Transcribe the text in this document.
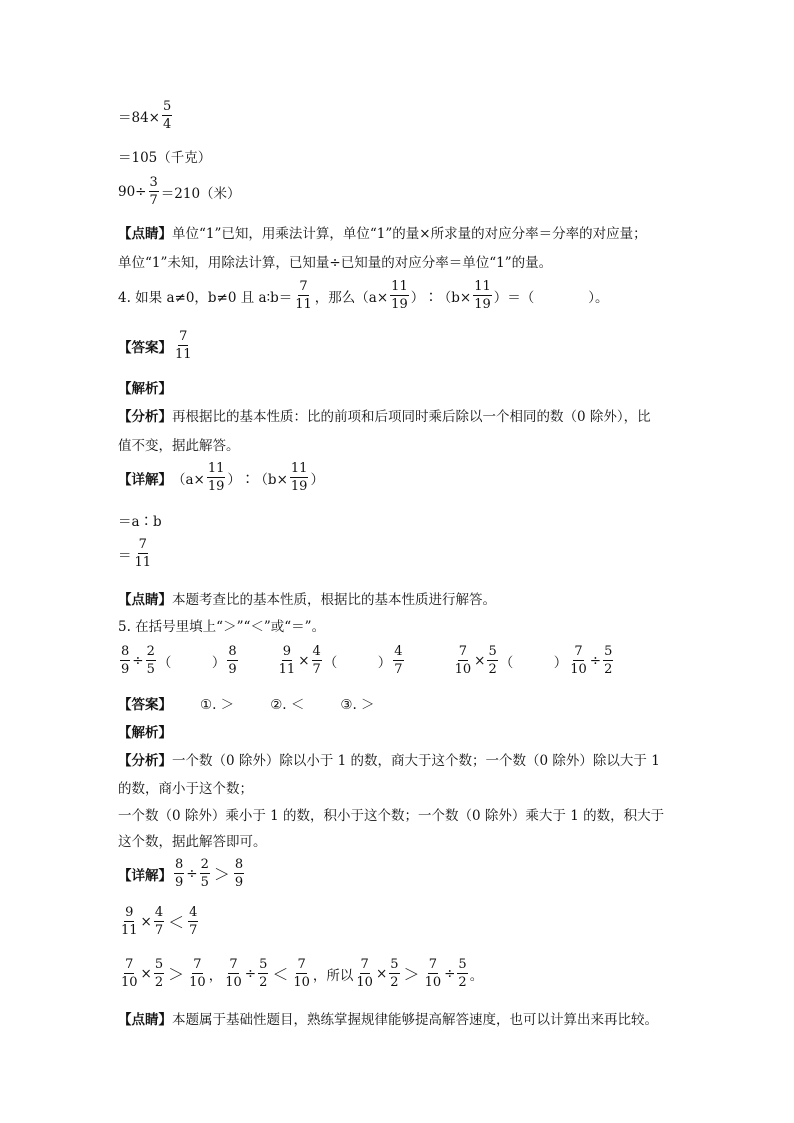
$=84\times \frac{5}{4}$
＝105（千克）
$90\div \frac{3}{7} =210$（米）
【点睛】 单位“1”已知，用乘法计算，单位“1”的量×所求量的对应分率＝分率的对应量；
单位“1”未知，用除法计算，已知量÷已知量的对应分率＝单位“1”的量。
4. 如果 a≠0，b≠0 且 a∶b＝ $\frac{7}{11}$ ，那么（$a\times \frac{11}{19}$ ）∶（b× $\frac{11}{19}$ ）＝（　　　　）。
【答案】 $\frac{7}{11}$
【解析】
【分析】 再根据比的基本性质：比的前项和后项同时乘后除以一个相同的数（0 除外），比
值不变，据此解答。
【详解】 （$a\times \frac{11}{19}$ ）∶（b× $\frac{11}{19}$ ）
＝a∶b
＝ $\frac{7}{11}$
【点睛】 本题考查比的基本性质，根据比的基本性质进行解答。
5. 在括号里填上“＞”“＜”或“＝”。
$\frac{8}{9} \div \frac{2}{5}$ （　　　） $\frac{8}{9}$	$\frac{9}{11} \times \frac{4}{7}$ （　　　） $\frac{4}{7}$	$\frac{7}{10} \times \frac{5}{2}$ （　　　） $\frac{7}{10} \div \frac{5}{2}$
【答案】 ①. ＞	②. ＜	③. ＞
【解析】
【分析】 一个数（0 除外）除以小于 1 的数，商大于这个数；一个数（0 除外）除以大于 1
的数，商小于这个数；
一个数（0 除外）乘小于 1 的数，积小于这个数；一个数（0 除外）乘大于 1 的数，积大于
这个数，据此解答即可。
【详解】 $\frac{8}{9} \div \frac{2}{5} > \frac{8}{9}$
$\frac{9}{11} \times \frac{4}{7} < \frac{4}{7}$
$\frac{7}{10} \times \frac{5}{2} > \frac{7}{10}$ ， $\frac{7}{10} \div \frac{5}{2} < \frac{7}{10}$ ，所以 $\frac{7}{10} \times \frac{5}{2} > \frac{7}{10} \div \frac{5}{2}$ 。
【点睛】 本题属于基础性题目，熟练掌握规律能够提高解答速度，也可以计算出来再比较。
